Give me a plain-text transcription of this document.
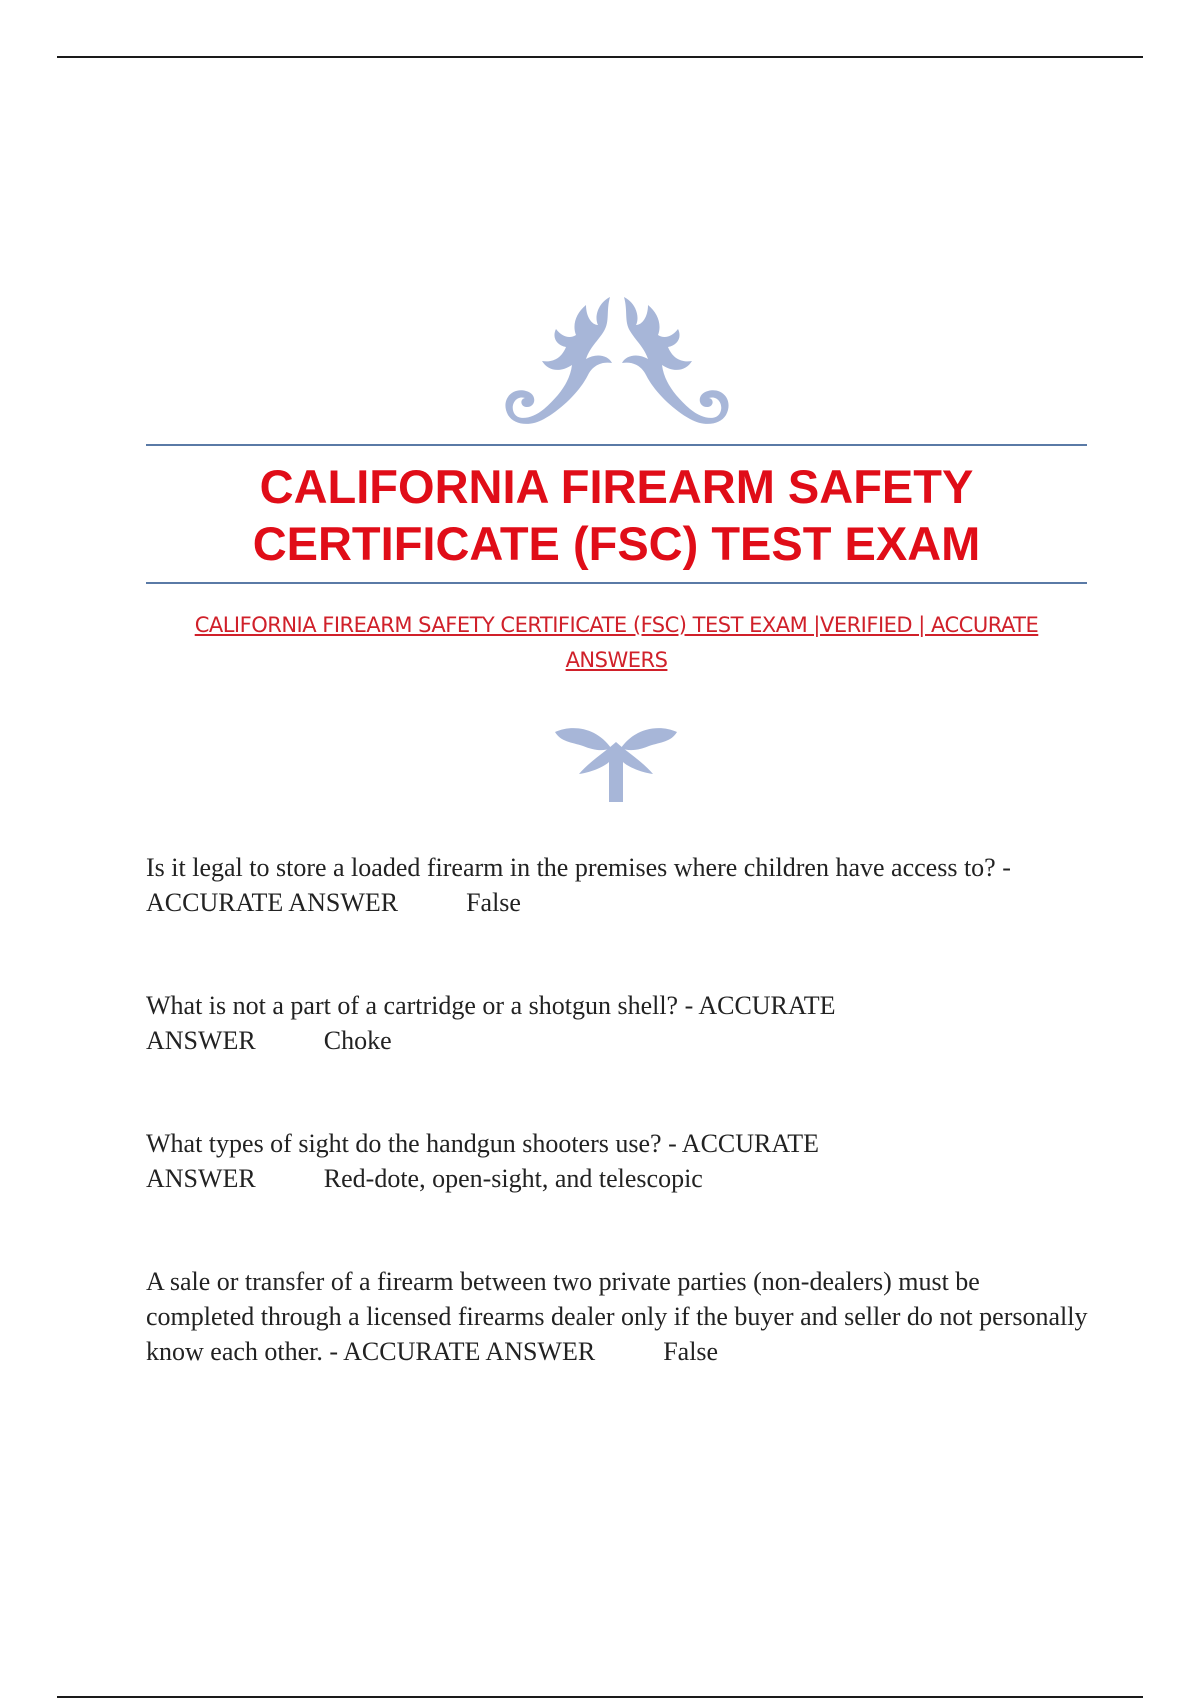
CALIFORNIA FIREARM SAFETY CERTIFICATE (FSC) TEST EXAM
CALIFORNIA FIREARM SAFETY CERTIFICATE (FSC) TEST EXAM |VERIFIED | ACCURATE ANSWERS
Is it legal to store a loaded firearm in the premises where children have access to? -
ACCURATE ANSWER	False
What is not a part of a cartridge or a shotgun shell? - ACCURATE
ANSWER	Choke
What types of sight do the handgun shooters use? - ACCURATE
ANSWER	Red-dote, open-sight, and telescopic
A sale or transfer of a firearm between two private parties (non-dealers) must be completed through a licensed firearms dealer only if the buyer and seller do not personally know each other. - ACCURATE ANSWER	False
